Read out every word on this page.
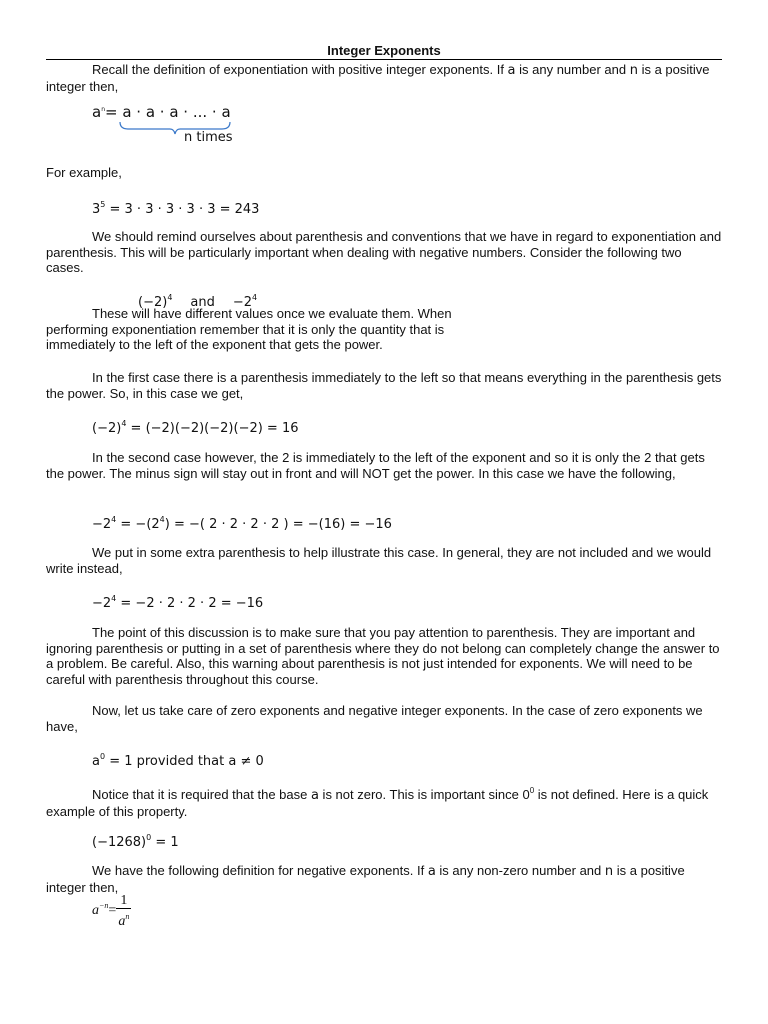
Integer Exponents

Recall the definition of exponentiation with positive integer exponents. If a is any number and n is a positive integer then,

$a^n= a \cdot a \cdot a$ · ... · a
n times

For example,

$3^5 = 3 \cdot 3 \cdot 3 \cdot 3 \cdot 3 = 243$

We should remind ourselves about parenthesis and conventions that we have in regard to exponentiation and parenthesis. This will be particularly important when dealing with negative numbers. Consider the following two cases.

$(-2)^4$ and $-2^4$

These will have different values once we evaluate them. When performing exponentiation remember that it is only the quantity that is immediately to the left of the exponent that gets the power.

In the first case there is a parenthesis immediately to the left so that means everything in the parenthesis gets the power. So, in this case we get,

$(-2)^4 = (-2)(-2)(-2)(-2) = 16$

In the second case however, the 2 is immediately to the left of the exponent and so it is only the 2 that gets the power. The minus sign will stay out in front and will NOT get the power. In this case we have the following,

$-2^4 = -(2^4)$ = −( 2 · 2 · 2 · 2 ) = −(16) = −16

We put in some extra parenthesis to help illustrate this case. In general, they are not included and we would write instead,

$-2^4 = -2 \cdot 2 \cdot 2 \cdot 2 = -16$

The point of this discussion is to make sure that you pay attention to parenthesis. They are important and ignoring parenthesis or putting in a set of parenthesis where they do not belong can completely change the answer to a problem. Be careful. Also, this warning about parenthesis is not just intended for exponents. We will need to be careful with parenthesis throughout this course.

Now, let us take care of zero exponents and negative integer exponents. In the case of zero exponents we have,

$a^0 = 1$ provided that a ≠ 0

Notice that it is required that the base a is not zero. This is important since $0^0$ is not defined. Here is a quick example of this property.

$(-1268)^0 = 1$

We have the following definition for negative exponents. If a is any non-zero number and n is a positive integer then,

$a^{-n}= \frac{1}{a^n}$
